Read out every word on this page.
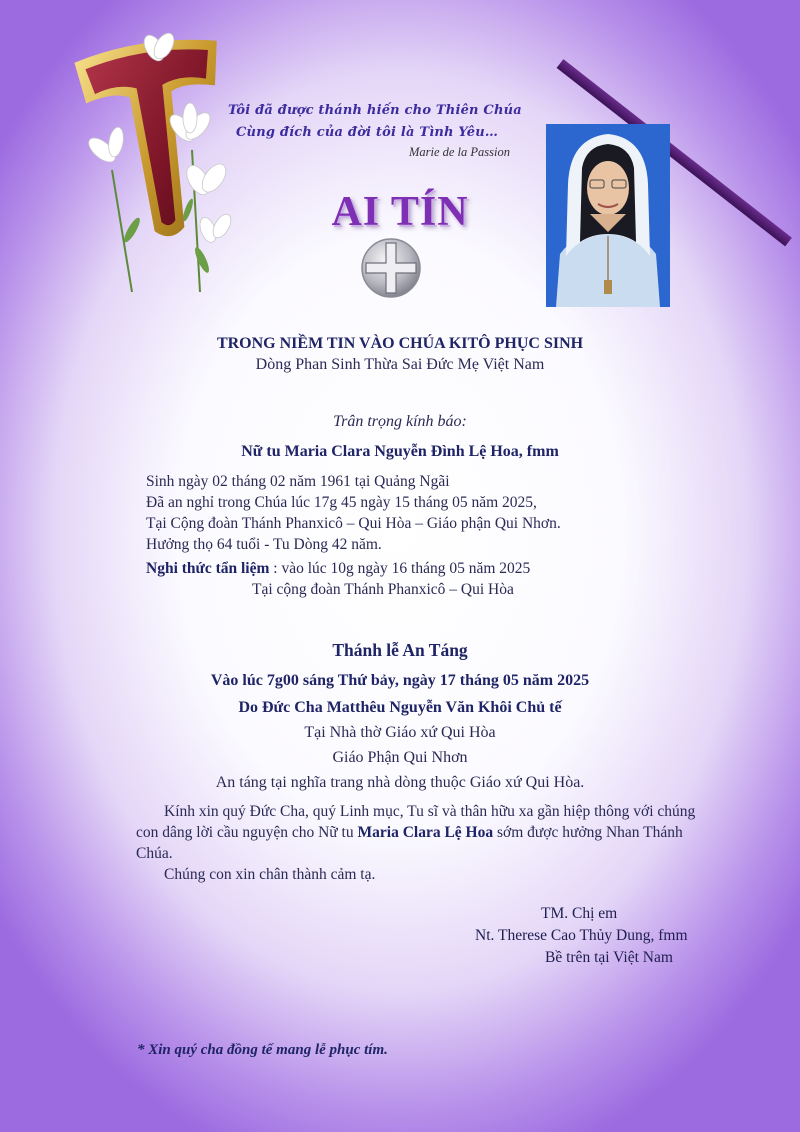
Tôi đã được thánh hiến cho Thiên Chúa
Cùng đích của đời tôi là Tình Yêu…
Marie de la Passion
AI TÍN
TRONG NIỀM TIN VÀO CHÚA KITÔ PHỤC SINH
Dòng Phan Sinh Thừa Sai Đức Mẹ Việt Nam
Trân trọng kính báo:
Nữ tu Maria Clara Nguyễn Đình Lệ Hoa, fmm
Sinh ngày 02 tháng 02 năm 1961 tại Quảng Ngãi
Đã an nghỉ trong Chúa lúc 17g 45 ngày 15 tháng 05 năm 2025,
Tại Cộng đoàn Thánh Phanxicô – Qui Hòa – Giáo phận Qui Nhơn.
Hưởng thọ 64 tuổi - Tu Dòng 42 năm.
Nghi thức tẩn liệm : vào lúc 10g ngày 16 tháng 05 năm 2025
Tại cộng đoàn Thánh Phanxicô – Qui Hòa
Thánh lễ An Táng
Vào lúc 7g00 sáng Thứ bảy, ngày 17 tháng 05 năm 2025
Do Đức Cha Matthêu Nguyễn Văn Khôi Chủ tế
Tại Nhà thờ Giáo xứ Qui Hòa
Giáo Phận Qui Nhơn
An táng tại nghĩa trang nhà dòng thuộc Giáo xứ Qui Hòa.
Kính xin quý Đức Cha, quý Linh mục, Tu sĩ và thân hữu xa gần hiệp thông với chúng con dâng lời cầu nguyện cho Nữ tu Maria Clara Lệ Hoa sớm được hưởng Nhan Thánh Chúa.
Chúng con xin chân thành cảm tạ.
TM. Chị em
Nt. Therese Cao Thủy Dung, fmm
Bề trên tại Việt Nam
* Xin quý cha đồng tế mang lễ phục tím.
